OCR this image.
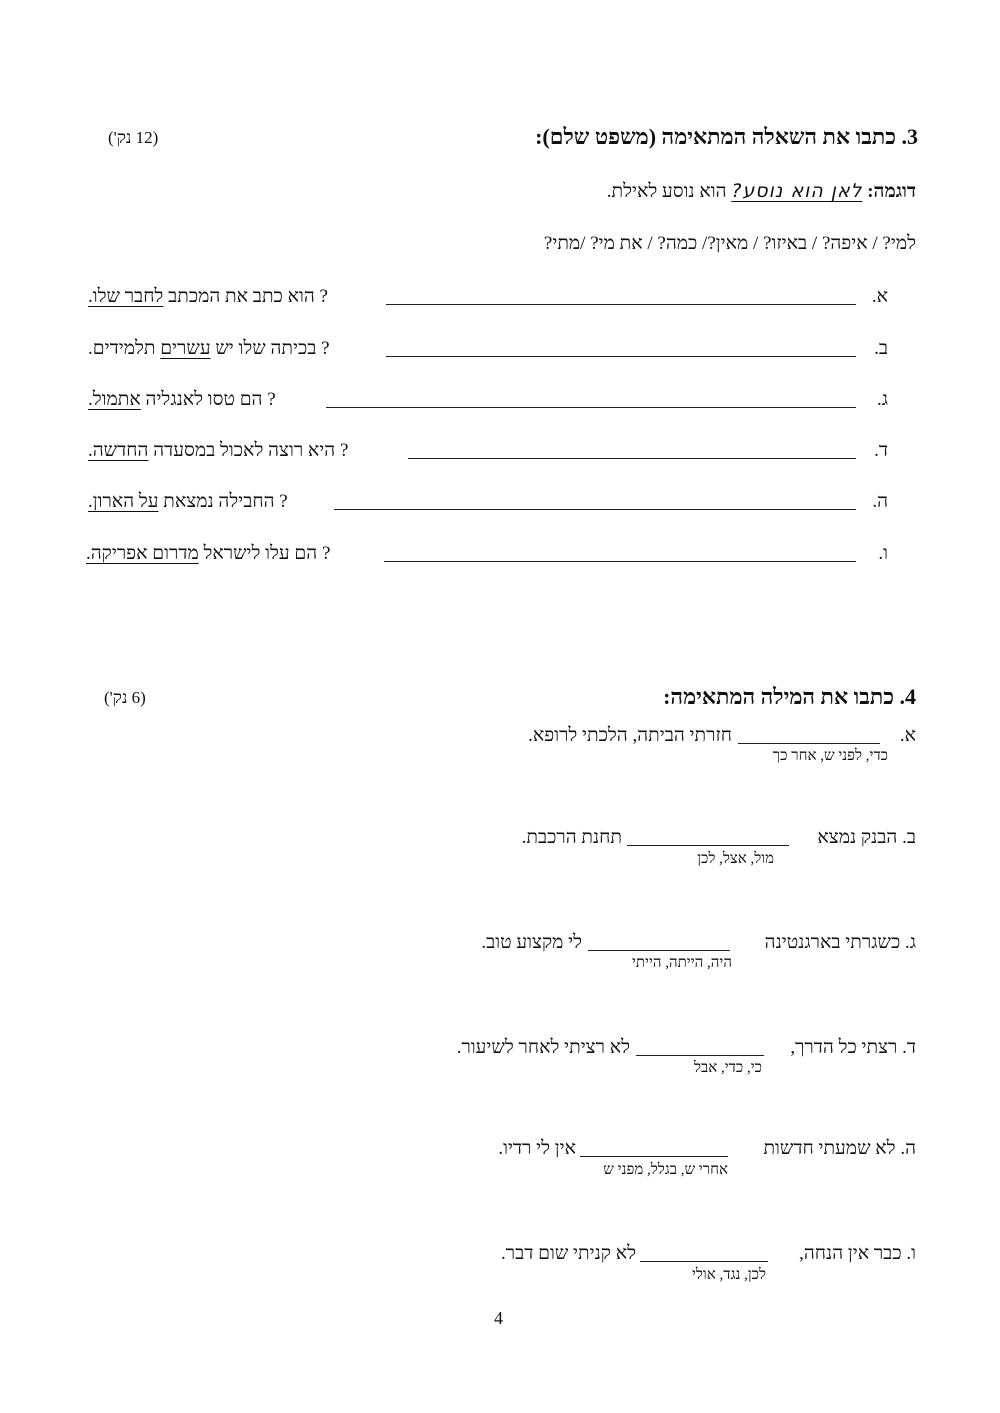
3. כתבו את השאלה המתאימה (משפט שלם):
(12 נק')
דוגמה: לאן הוא נוסע? הוא נוסע לאילת.
למי? / איפה? / באיזו? / מאין?/ כמה? / את מי? /מתי?
א.
? הוא כתב את המכתב לחבר שלו.
ב.
? בכיתה שלו יש עשרים תלמידים.
ג.
? הם טסו לאנגליה אתמול.
ד.
? היא רוצה לאכול במסעדה החדשה.
ה.
? החבילה נמצאת על הארון.
ו.
? הם עלו לישראל מדרום אפריקה.
4. כתבו את המילה המתאימה:
(6 נק')
א.
חזרתי הביתה, הלכתי לרופא.
כדי, לפני ש, אחר כך
ב. הבנק נמצא
תחנת הרכבת.
מול, אצל, לכן
ג. כשגרתי בארגנטינה
לי מקצוע טוב.
היה, הייתה, הייתי
ד. רצתי כל הדרך,
לא רציתי לאחר לשיעור.
כי, כדי, אבל
ה. לא שמעתי חדשות
אין לי רדיו.
אחרי ש, בגלל, מפני ש
ו. כבר אין הנחה,
לא קניתי שום דבר.
לכן, נגד, אולי
4
